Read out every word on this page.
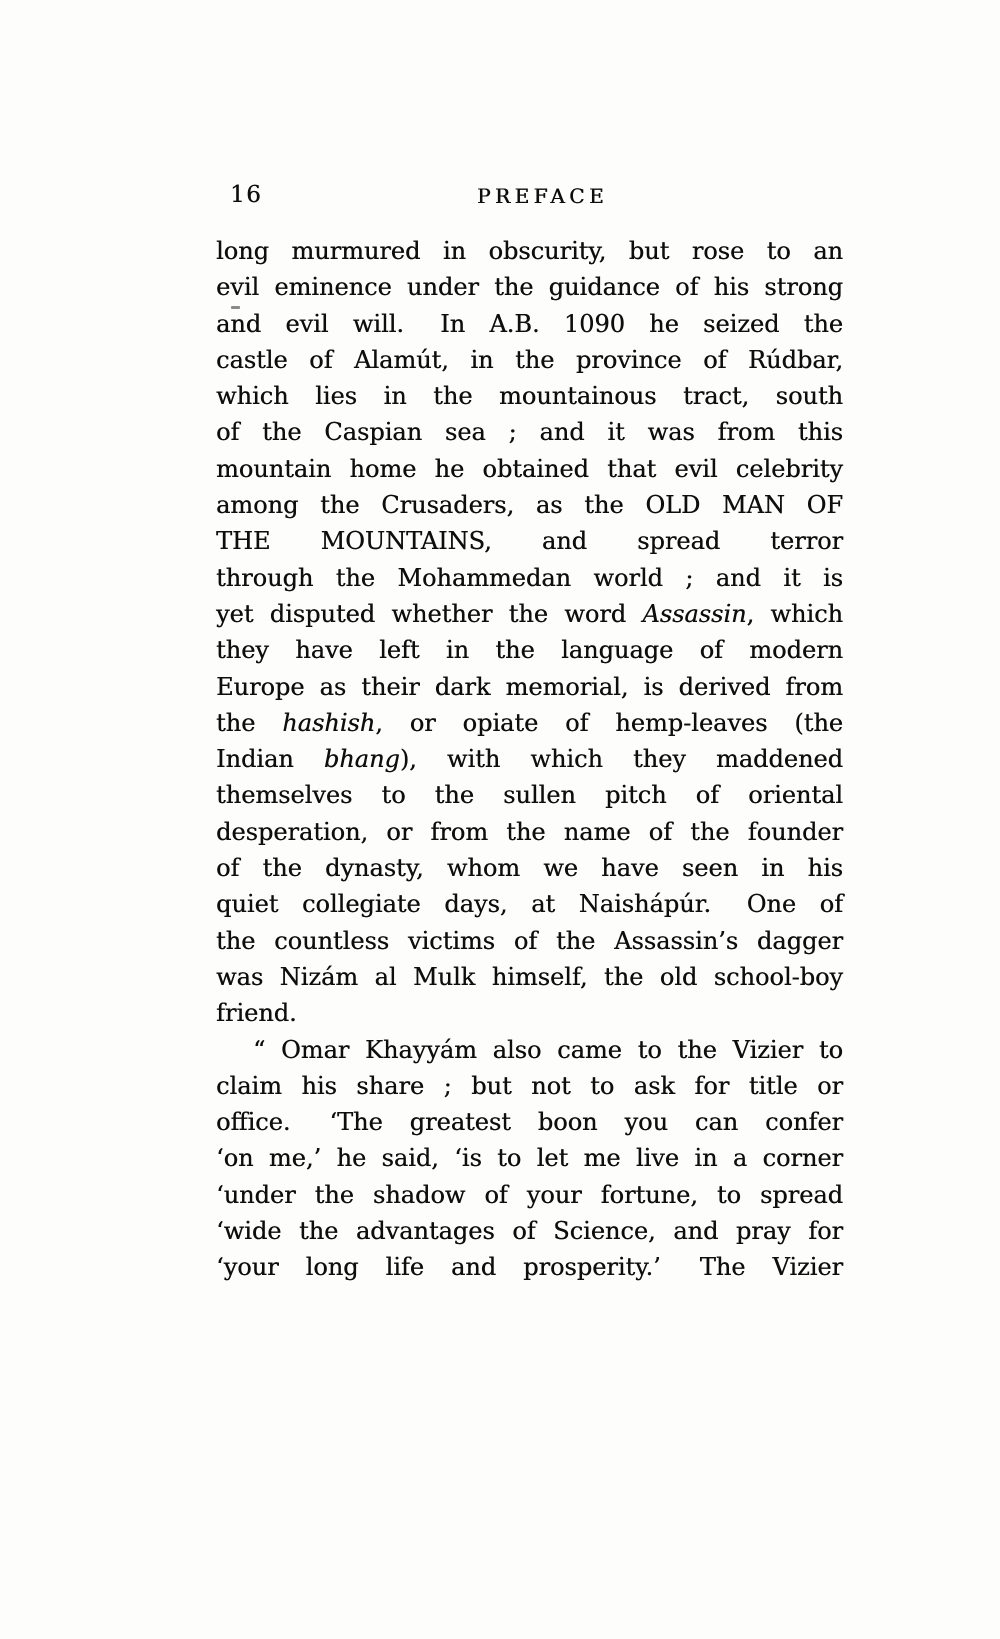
16	PREFACE
long murmured in obscurity, but rose to an
evil eminence under the guidance of his strong
and evil will.  In A.B. 1090 he seized the
castle of Alamút, in the province of Rúdbar,
which lies in the mountainous tract, south
of the Caspian sea ; and it was from this
mountain home he obtained that evil celebrity
among the Crusaders, as the OLD MAN OF
THE MOUNTAINS, and spread terror
through the Mohammedan world ; and it is
yet disputed whether the word Assassin, which
they have left in the language of modern
Europe as their dark memorial, is derived from
the hashish, or opiate of hemp-leaves (the
Indian bhang), with which they maddened
themselves to the sullen pitch of oriental
desperation, or from the name of the founder
of the dynasty, whom we have seen in his
quiet collegiate days, at Naishápúr.  One of
the countless victims of the Assassin’s dagger
was Nizám al Mulk himself, the old school-boy
friend.
“ Omar Khayyám also came to the Vizier to
claim his share ; but not to ask for title or
office.  ‘The greatest boon you can confer
‘on me,’ he said, ‘is to let me live in a corner
‘under the shadow of your fortune, to spread
‘wide the advantages of Science, and pray for
‘your long life and prosperity.’  The Vizier
